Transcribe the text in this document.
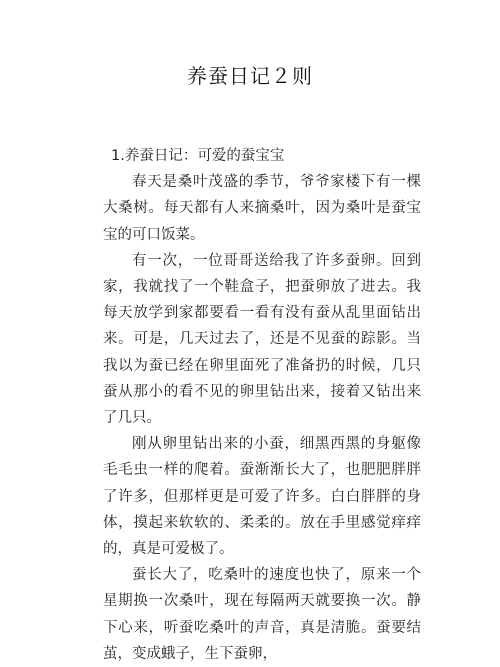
养蚕日记２则

1.养蚕日记：可爱的蚕宝宝

春天是桑叶茂盛的季节，爷爷家楼下有一棵大桑树。每天都有人来摘桑叶，因为桑叶是蚕宝宝的可口饭菜。

有一次，一位哥哥送给我了许多蚕卵。回到家，我就找了一个鞋盒子，把蚕卵放了进去。我每天放学到家都要看一看有没有蚕从乱里面钻出来。可是，几天过去了，还是不见蚕的踪影。当我以为蚕已经在卵里面死了准备扔的时候，几只蚕从那小的看不见的卵里钻出来，接着又钻出来了几只。

刚从卵里钻出来的小蚕，细黑西黑的身躯像毛毛虫一样的爬着。蚕渐渐长大了，也肥肥胖胖了许多，但那样更是可爱了许多。白白胖胖的身体，摸起来软软的、柔柔的。放在手里感觉痒痒的，真是可爱极了。

蚕长大了，吃桑叶的速度也快了，原来一个星期换一次桑叶，现在每隔两天就要换一次。静下心来，听蚕吃桑叶的声音，真是清脆。蚕要结茧，变成蛾子，生下蚕卵，
